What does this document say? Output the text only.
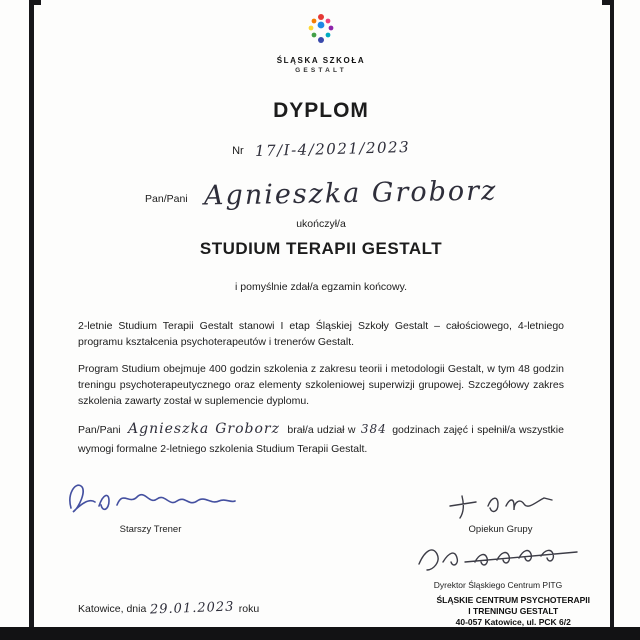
ŚLĄSKA SZKOŁA
GESTALT
DYPLOM
Nr 17/I-4/2021/2023
Pan/Pani Agnieszka Groborz
ukończył/a
STUDIUM TERAPII GESTALT
i pomyślnie zdał/a egzamin końcowy.

2-letnie Studium Terapii Gestalt stanowi I etap Śląskiej Szkoły Gestalt – całościowego, 4-letniego programu kształcenia psychoterapeutów i trenerów Gestalt.

Program Studium obejmuje 400 godzin szkolenia z zakresu teorii i metodologii Gestalt, w tym 48 godzin treningu psychoterapeutycznego oraz elementy szkoleniowej superwizji grupowej. Szczegółowy zakres szkolenia zawarty został w suplemencie dyplomu.

Pan/Pani Agnieszka Groborz brał/a udział w 384 godzinach zajęć i spełnił/a wszystkie wymogi formalne 2-letniego szkolenia Studium Terapii Gestalt.

Starszy Trener	Opiekun Grupy
Dyrektor Śląskiego Centrum PITG
Katowice, dnia 29.01.2023 roku
ŚLĄSKIE CENTRUM PSYCHOTERAPII
I TRENINGU GESTALT
40-057 Katowice, ul. PCK 6/2
